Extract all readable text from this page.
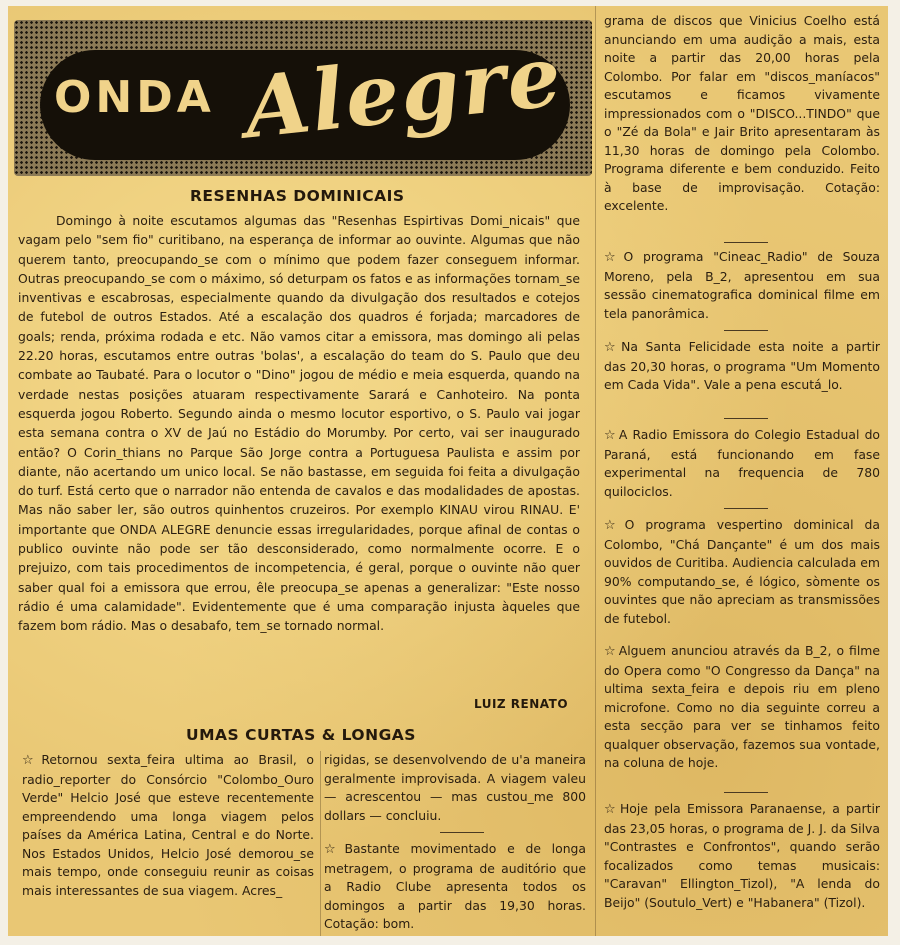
ONDA Alegre
RESENHAS DOMINICAIS

Domingo à noite escutamos algumas das "Resenhas Espirtivas Domi_nicais" que vagam pelo "sem fio" curitibano, na esperança de informar ao ouvinte. Algumas que não querem tanto, preocupando_se com o mínimo que podem fazer conseguem informar. Outras preocupando_se com o máximo, só deturpam os fatos e as informações tornam_se inventivas e escabrosas, especialmente quando da divulgação dos resultados e cotejos de futebol de outros Estados. Até a escalação dos quadros é forjada; marcadores de goals; renda, próxima rodada e etc. Não vamos citar a emissora, mas domingo ali pelas 22.20 horas, escutamos entre outras 'bolas', a escalação do team do S. Paulo que deu combate ao Taubaté. Para o locutor o "Dino" jogou de médio e meia esquerda, quando na verdade nestas posições atuaram respectivamente Sarará e Canhoteiro. Na ponta esquerda jogou Roberto. Segundo ainda o mesmo locutor esportivo, o S. Paulo vai jogar esta semana contra o XV de Jaú no Estádio do Morumby. Por certo, vai ser inaugurado então? O Corin_thians no Parque São Jorge contra a Portuguesa Paulista e assim por diante, não acertando um unico local. Se não bastasse, em seguida foi feita a divulgação do turf. Está certo que o narrador não entenda de cavalos e das modalidades de apostas. Mas não saber ler, são outros quinhentos cruzeiros. Por exemplo KINAU virou RINAU. E' importante que ONDA ALEGRE denuncie essas irregularidades, porque afinal de contas o publico ouvinte não pode ser tão desconsiderado, como normalmente ocorre. E o prejuizo, com tais procedimentos de incompetencia, é geral, porque o ouvinte não quer saber qual foi a emissora que errou, êle preocupa_se apenas a generalizar: "Este nosso rádio é uma calamidade". Evidentemente que é uma comparação injusta àqueles que fazem bom rádio. Mas o desabafo, tem_se tornado normal.

LUIZ RENATO
UMAS CURTAS & LONGAS

☆ Retornou sexta_feira ultima ao Brasil, o radio_reporter do Consórcio "Colombo_Ouro Verde" Helcio José que esteve recentemente empreendendo uma longa viagem pelos países da América Latina, Central e do Norte. Nos Estados Unidos, Helcio José demorou_se mais tempo, onde conseguiu reunir as coisas mais interessantes de sua viagem. Acres_

rigidas, se desenvolvendo de u'a maneira geralmente improvisada. A viagem valeu — acrescentou — mas custou_me 800 dollars — concluiu.

☆ Bastante movimentado e de longa metragem, o programa de auditório que a Radio Clube apresenta todos os domingos a partir das 19,30 horas. Cotação: bom.

grama de discos que Vinicius Coelho está anunciando em uma audição a mais, esta noite a partir das 20,00 horas pela Colombo. Por falar em "discos_maníacos" escutamos e ficamos vivamente impressionados com o "DISCO...TINDO" que o "Zé da Bola" e Jair Brito apresentaram às 11,30 horas de domingo pela Colombo. Programa diferente e bem conduzido. Feito à base de improvisação. Cotação: excelente.

☆ O programa "Cineac_Radio" de Souza Moreno, pela B_2, apresentou em sua sessão cinematografica dominical filme em tela panorâmica.

☆ Na Santa Felicidade esta noite a partir das 20,30 horas, o programa "Um Momento em Cada Vida". Vale a pena escutá_lo.

☆ A Radio Emissora do Colegio Estadual do Paraná, está funcionando em fase experimental na frequencia de 780 quilociclos.

☆ O programa vespertino dominical da Colombo, "Chá Dançante" é um dos mais ouvidos de Curitiba. Audiencia calculada em 90% computando_se, é lógico, sòmente os ouvintes que não apreciam as transmissões de futebol.

☆ Alguem anunciou através da B_2, o filme do Opera como "O Congresso da Dança" na ultima sexta_feira e depois riu em pleno microfone. Como no dia seguinte correu a esta secção para ver se tinhamos feito qualquer observação, fazemos sua vontade, na coluna de hoje.

☆ Hoje pela Emissora Paranaense, a partir das 23,05 horas, o programa de J. J. da Silva "Contrastes e Confrontos", quando serão focalizados como temas musicais: "Caravan" Ellington_Tizol), "A lenda do Beijo" (Soutulo_Vert) e "Habanera" (Tizol).
